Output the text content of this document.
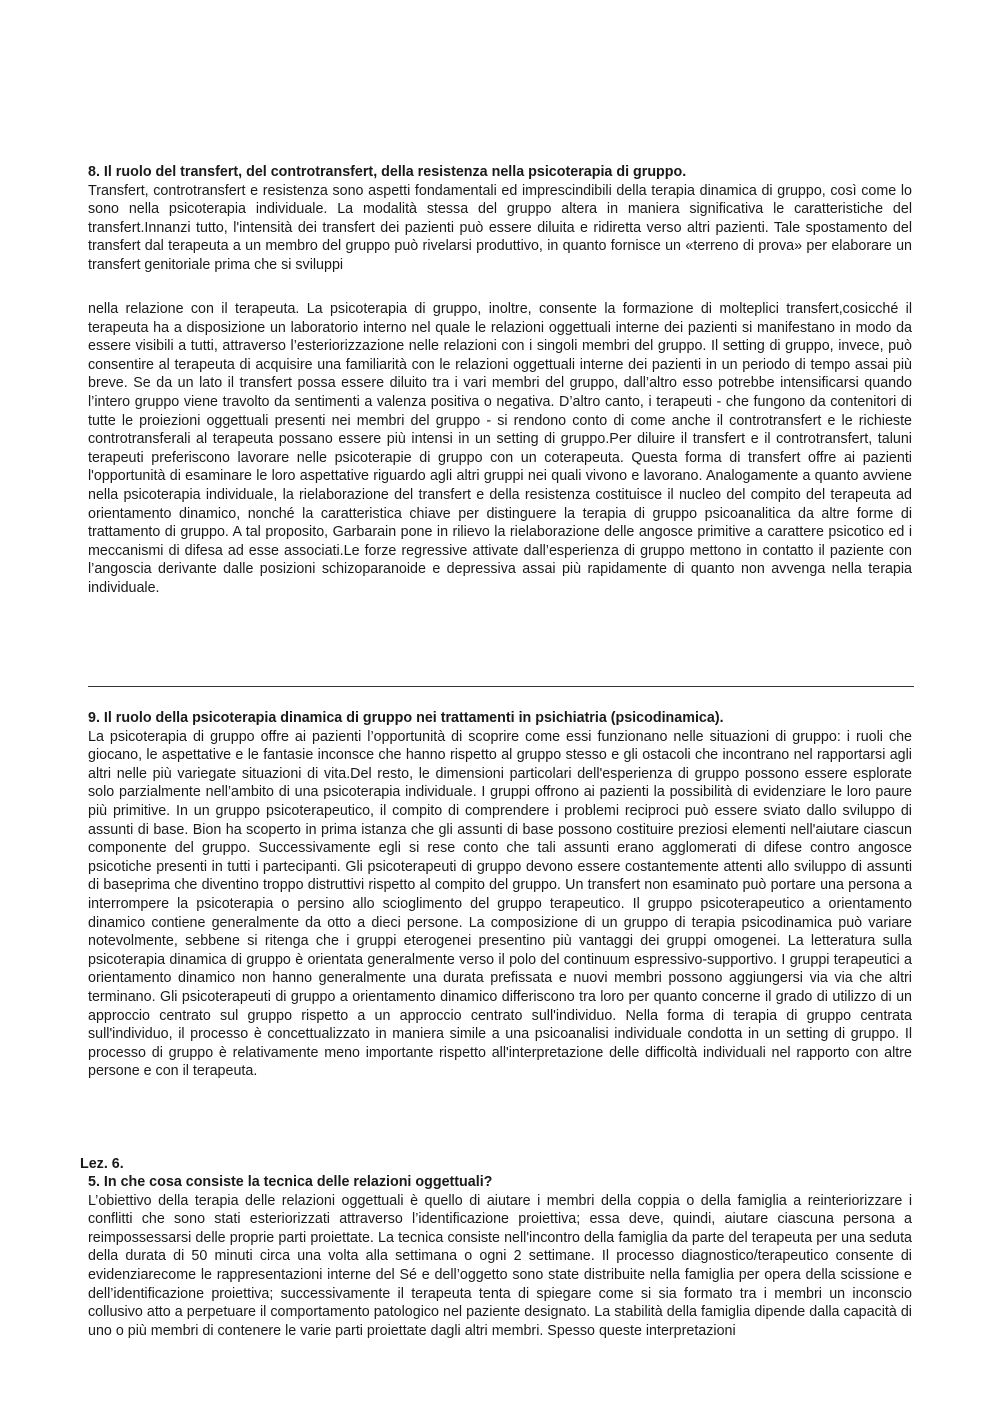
8. Il ruolo del transfert, del controtransfert, della resistenza nella psicoterapia di gruppo.

Transfert, controtransfert e resistenza sono aspetti fondamentali ed imprescindibili della terapia dinamica di gruppo, così come lo sono nella psicoterapia individuale. La modalità stessa del gruppo altera in maniera significativa le caratteristiche del transfert.Innanzi tutto, l'intensità dei transfert dei pazienti può essere diluita e ridiretta verso altri pazienti. Tale spostamento del transfert dal terapeuta a un membro del gruppo può rivelarsi produttivo, in quanto fornisce un «terreno di prova» per elaborare un transfert genitoriale prima che si sviluppi

nella relazione con il terapeuta. La psicoterapia di gruppo, inoltre, consente la formazione di molteplici transfert,cosicché il terapeuta ha a disposizione un laboratorio interno nel quale le relazioni oggettuali interne dei pazienti si manifestano in modo da essere visibili a tutti, attraverso l’esteriorizzazione nelle relazioni con i singoli membri del gruppo. Il setting di gruppo, invece, può consentire al terapeuta di acquisire una familiarità con le relazioni oggettuali interne dei pazienti in un periodo di tempo assai più breve. Se da un lato il transfert possa essere diluito tra i vari membri del gruppo, dall’altro esso potrebbe intensificarsi quando l’intero gruppo viene travolto da sentimenti a valenza positiva o negativa. D’altro canto, i terapeuti - che fungono da contenitori di tutte le proiezioni oggettuali presenti nei membri del gruppo - si rendono conto di come anche il controtransfert e le richieste controtransferali al terapeuta possano essere più intensi in un setting di gruppo.Per diluire il transfert e il controtransfert, taluni terapeuti preferiscono lavorare nelle psicoterapie di gruppo con un coterapeuta. Questa forma di transfert offre ai pazienti l'opportunità di esaminare le loro aspettative riguardo agli altri gruppi nei quali vivono e lavorano. Analogamente a quanto avviene nella psicoterapia individuale, la rielaborazione del transfert e della resistenza costituisce il nucleo del compito del terapeuta ad orientamento dinamico, nonché la caratteristica chiave per distinguere la terapia di gruppo psicoanalitica da altre forme di trattamento di gruppo. A tal proposito, Garbarain pone in rilievo la rielaborazione delle angosce primitive a carattere psicotico ed i meccanismi di difesa ad esse associati.Le forze regressive attivate dall’esperienza di gruppo mettono in contatto il paziente con l’angoscia derivante dalle posizioni schizoparanoide e depressiva assai più rapidamente di quanto non avvenga nella terapia individuale.

9. Il ruolo della psicoterapia dinamica di gruppo nei trattamenti in psichiatria (psicodinamica).

La psicoterapia di gruppo offre ai pazienti l’opportunità di scoprire come essi funzionano nelle situazioni di gruppo: i ruoli che giocano, le aspettative e le fantasie inconsce che hanno rispetto al gruppo stesso e gli ostacoli che incontrano nel rapportarsi agli altri nelle più variegate situazioni di vita.Del resto, le dimensioni particolari dell'esperienza di gruppo possono essere esplorate solo parzialmente nell’ambito di una psicoterapia individuale. I gruppi offrono ai pazienti la possibilità di evidenziare le loro paure più primitive. In un gruppo psicoterapeutico, il compito di comprendere i problemi reciproci può essere sviato dallo sviluppo di assunti di base. Bion ha scoperto in prima istanza che gli assunti di base possono costituire preziosi elementi nell'aiutare ciascun componente del gruppo. Successivamente egli si rese conto che tali assunti erano agglomerati di difese contro angosce psicotiche presenti in tutti i partecipanti. Gli psicoterapeuti di gruppo devono essere costantemente attenti allo sviluppo di assunti di baseprima che diventino troppo distruttivi rispetto al compito del gruppo. Un transfert non esaminato può portare una persona a interrompere la psicoterapia o persino allo scioglimento del gruppo terapeutico. Il gruppo psicoterapeutico a orientamento dinamico contiene generalmente da otto a dieci persone. La composizione di un gruppo di terapia psicodinamica può variare notevolmente, sebbene si ritenga che i gruppi eterogenei presentino più vantaggi dei gruppi omogenei. La letteratura sulla psicoterapia dinamica di gruppo è orientata generalmente verso il polo del continuum espressivo-supportivo. I gruppi terapeutici a orientamento dinamico non hanno generalmente una durata prefissata e nuovi membri possono aggiungersi via via che altri terminano. Gli psicoterapeuti di gruppo a orientamento dinamico differiscono tra loro per quanto concerne il grado di utilizzo di un approccio centrato sul gruppo rispetto a un approccio centrato sull'individuo. Nella forma di terapia di gruppo centrata sull'individuo, il processo è concettualizzato in maniera simile a una psicoanalisi individuale condotta in un setting di gruppo. Il processo di gruppo è relativamente meno importante rispetto all'interpretazione delle difficoltà individuali nel rapporto con altre persone e con il terapeuta.

Lez. 6.
5. In che cosa consiste la tecnica delle relazioni oggettuali?

L’obiettivo della terapia delle relazioni oggettuali è quello di aiutare i membri della coppia o della famiglia a reinteriorizzare i conflitti che sono stati esteriorizzati attraverso l’identificazione proiettiva; essa deve, quindi, aiutare ciascuna persona a reimpossessarsi delle proprie parti proiettate. La tecnica consiste nell'incontro della famiglia da parte del terapeuta per una seduta della durata di 50 minuti circa una volta alla settimana o ogni 2 settimane. Il processo diagnostico/terapeutico consente di evidenziarecome le rappresentazioni interne del Sé e dell’oggetto sono state distribuite nella famiglia per opera della scissione e dell’identificazione proiettiva; successivamente il terapeuta tenta di spiegare come si sia formato tra i membri un inconscio collusivo atto a perpetuare il comportamento patologico nel paziente designato. La stabilità della famiglia dipende dalla capacità di uno o più membri di contenere le varie parti proiettate dagli altri membri. Spesso queste interpretazioni
